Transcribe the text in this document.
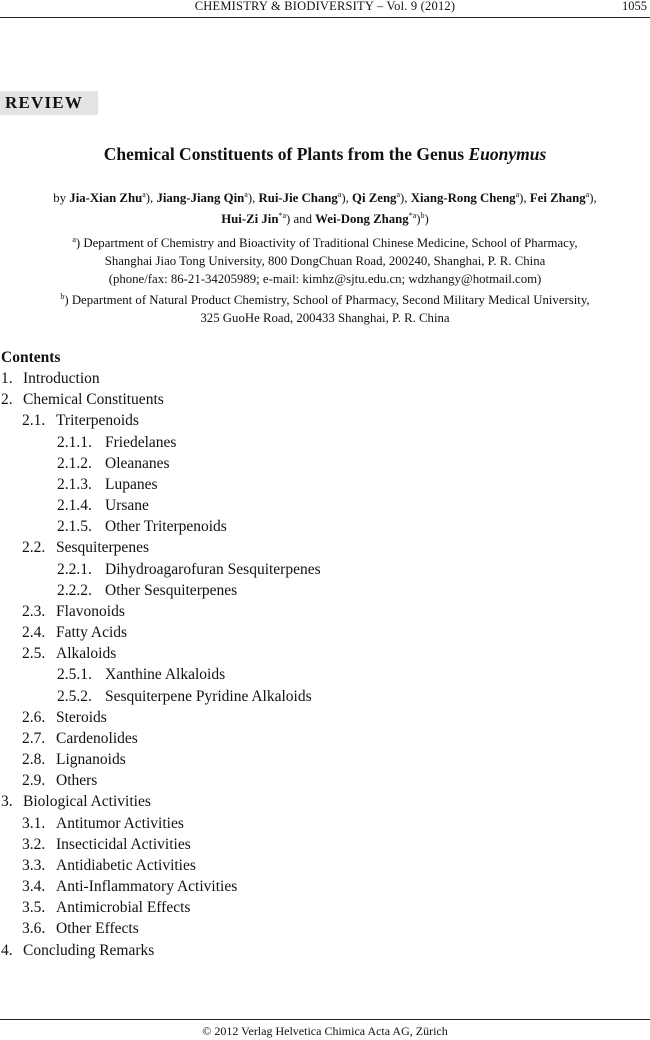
CHEMISTRY & BIODIVERSITY – Vol. 9 (2012)	1055
REVIEW
Chemical Constituents of Plants from the Genus Euonymus
by Jia-Xian Zhu$^a$), Jiang-Jiang Qin$^a$), Rui-Jie Chang$^a$), Qi Zeng$^a$), Xiang-Rong Cheng$^a$), Fei Zhang$^a$),
Hui-Zi Jin$^{*a}$) and Wei-Dong Zhang$^{*a}$)$^b$)
$^a$) Department of Chemistry and Bioactivity of Traditional Chinese Medicine, School of Pharmacy,
Shanghai Jiao Tong University, 800 DongChuan Road, 200240, Shanghai, P. R. China
(phone/fax: 86-21-34205989; e-mail: kimhz@sjtu.edu.cn; wdzhangy@hotmail.com)
$^b$) Department of Natural Product Chemistry, School of Pharmacy, Second Military Medical University,
325 GuoHe Road, 200433 Shanghai, P. R. China
Contents
1. Introduction
2. Chemical Constituents
2.1. Triterpenoids
2.1.1. Friedelanes
2.1.2. Oleananes
2.1.3. Lupanes
2.1.4. Ursane
2.1.5. Other Triterpenoids
2.2. Sesquiterpenes
2.2.1. Dihydroagarofuran Sesquiterpenes
2.2.2. Other Sesquiterpenes
2.3. Flavonoids
2.4. Fatty Acids
2.5. Alkaloids
2.5.1. Xanthine Alkaloids
2.5.2. Sesquiterpene Pyridine Alkaloids
2.6. Steroids
2.7. Cardenolides
2.8. Lignanoids
2.9. Others
3. Biological Activities
3.1. Antitumor Activities
3.2. Insecticidal Activities
3.3. Antidiabetic Activities
3.4. Anti-Inflammatory Activities
3.5. Antimicrobial Effects
3.6. Other Effects
4. Concluding Remarks
© 2012 Verlag Helvetica Chimica Acta AG, Zürich
